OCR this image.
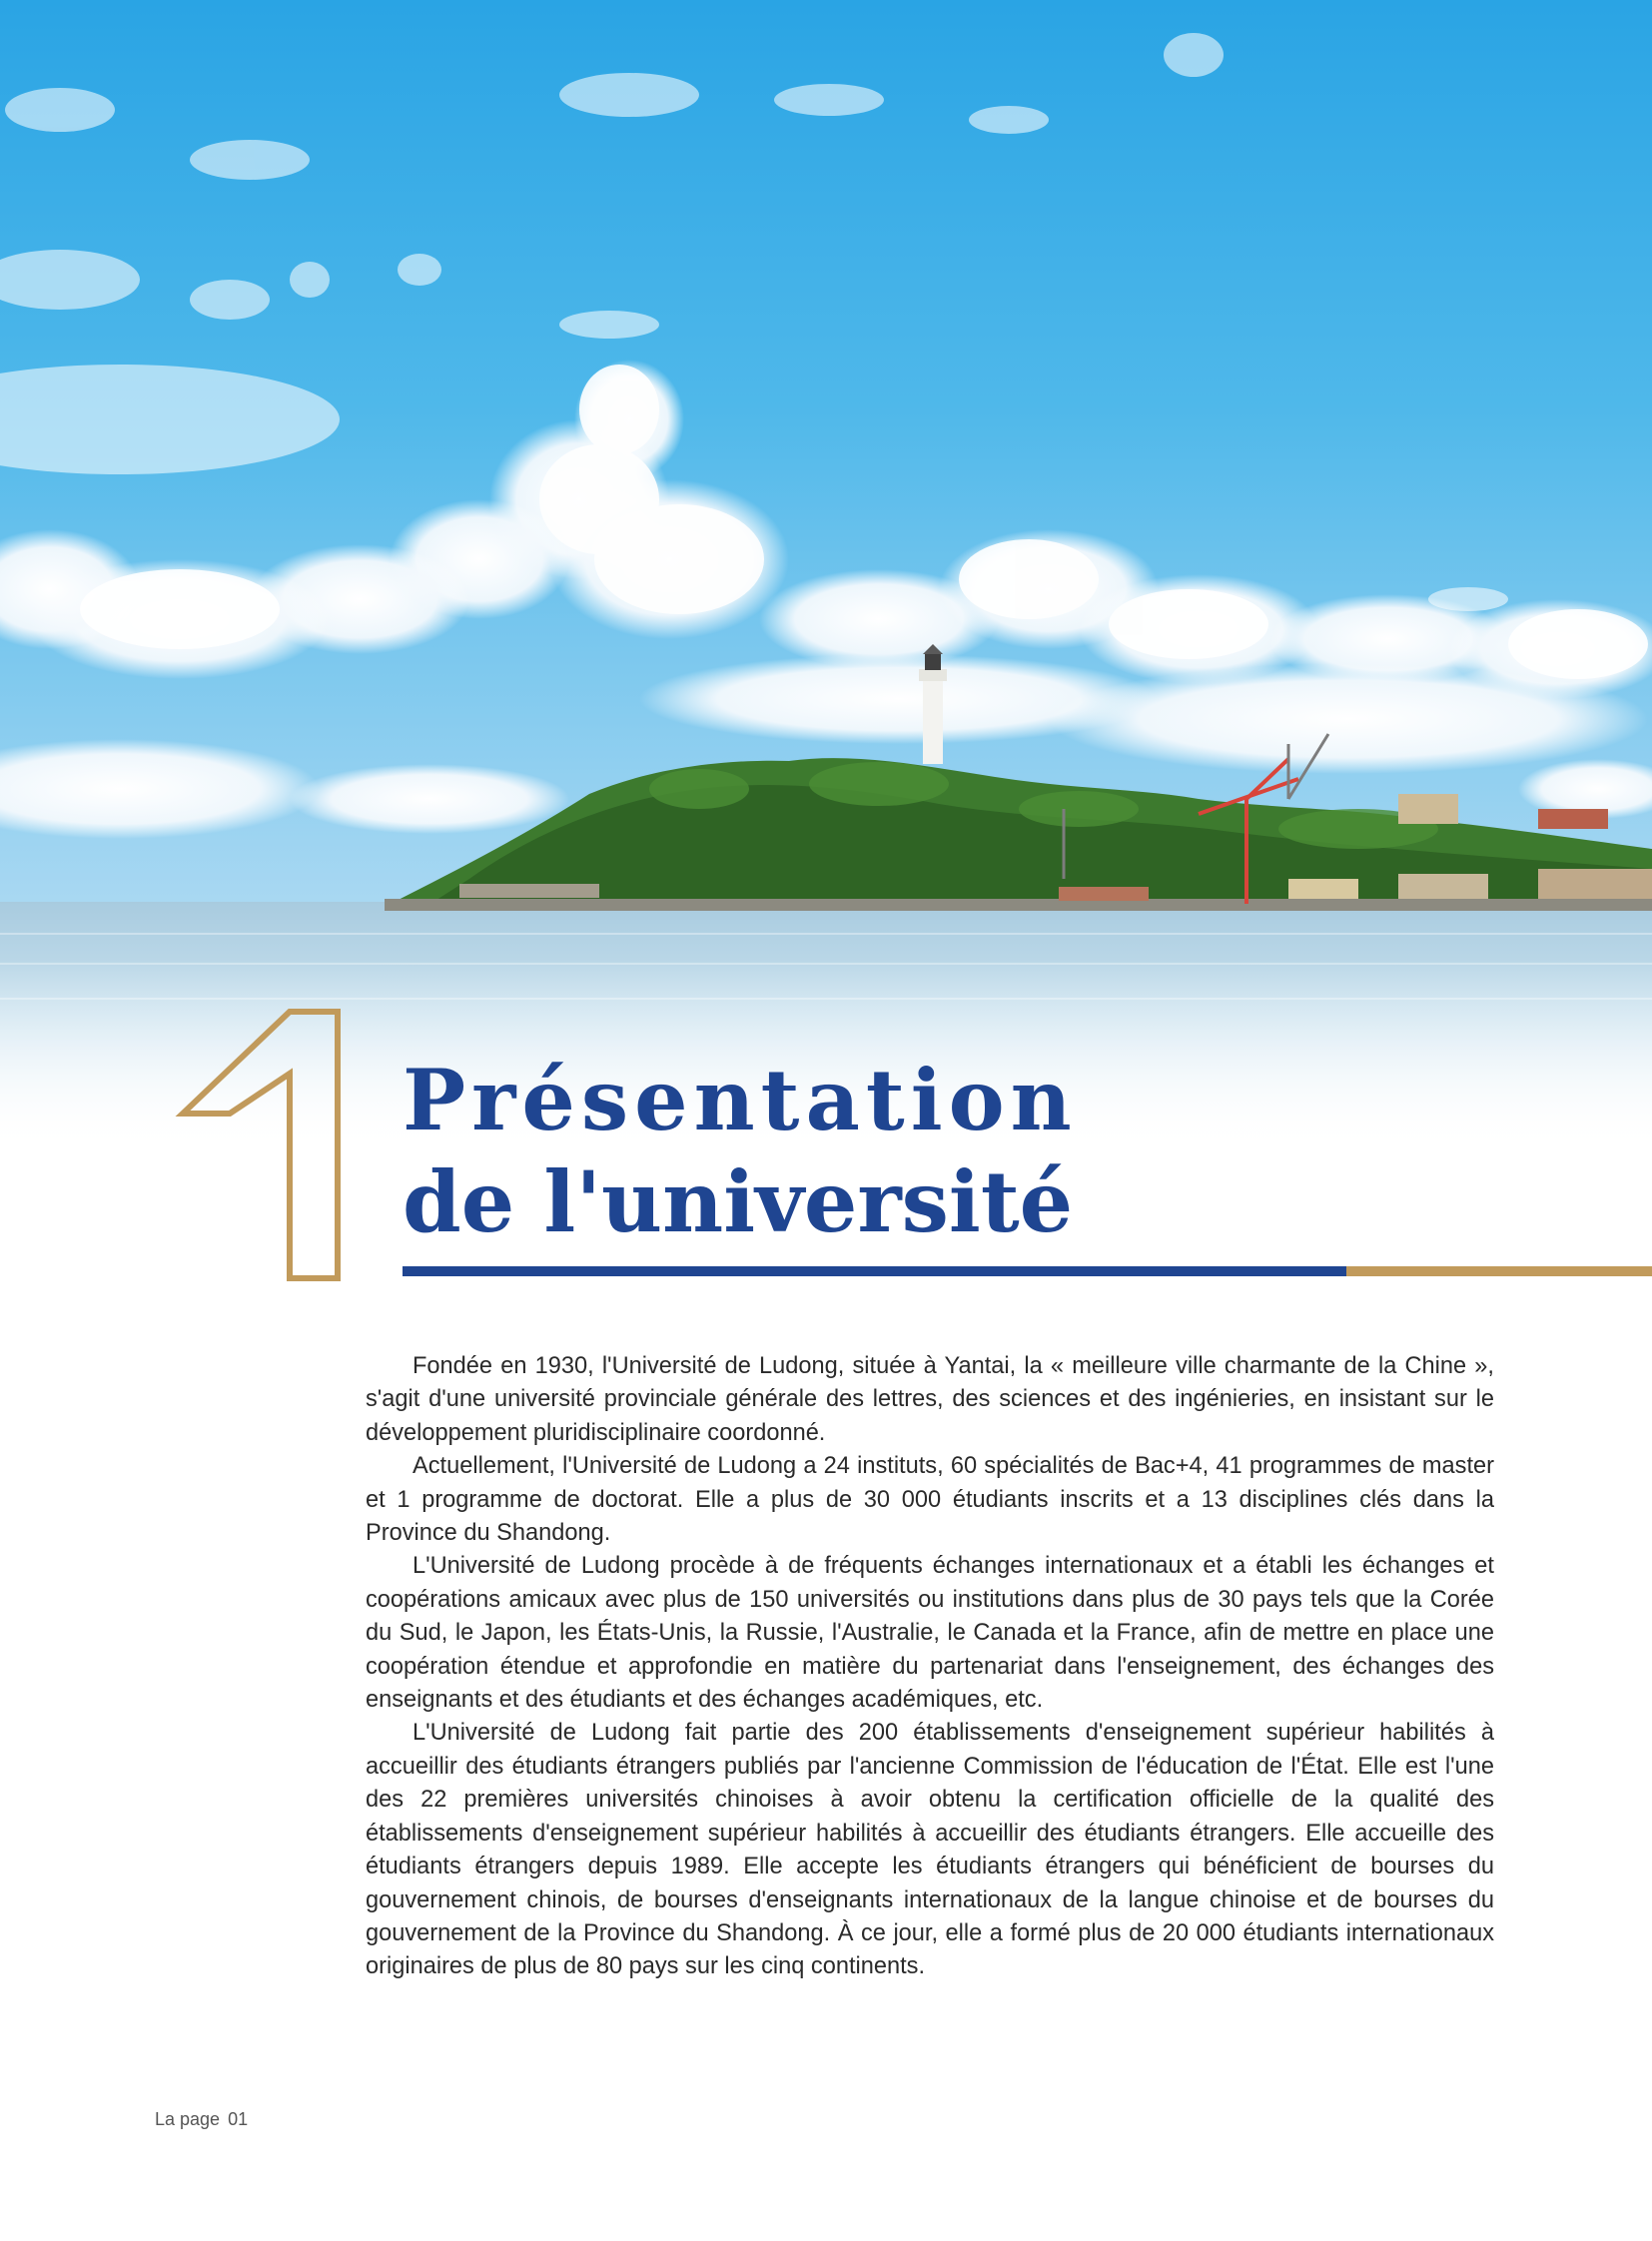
1
Présentation
de l'université

Fondée en 1930, l'Université de Ludong, située à Yantai, la « meilleure ville charmante de la Chine », s'agit d'une université provinciale générale des lettres, des sciences et des ingénieries, en insistant sur le développement pluridisciplinaire coordonné.

Actuellement, l'Université de Ludong a 24 instituts, 60 spécialités de Bac+4, 41 programmes de master et 1 programme de doctorat. Elle a plus de 30 000 étudiants inscrits et a 13 disciplines clés dans la Province du Shandong.

L'Université de Ludong procède à de fréquents échanges internationaux et a établi les échanges et coopérations amicaux avec plus de 150 universités ou institutions dans plus de 30 pays tels que la Corée du Sud, le Japon, les États-Unis, la Russie, l'Australie, le Canada et la France, afin de mettre en place une coopération étendue et approfondie en matière du partenariat dans l'enseignement, des échanges des enseignants et des étudiants et des échanges académiques, etc.

L'Université de Ludong fait partie des 200 établissements d'enseignement supérieur habilités à accueillir des étudiants étrangers publiés par l'ancienne Commission de l'éducation de l'État. Elle est l'une des 22 premières universités chinoises à avoir obtenu la certification officielle de la qualité des établissements d'enseignement supérieur habilités à accueillir des étudiants étrangers. Elle accueille des étudiants étrangers depuis 1989. Elle accepte les étudiants étrangers qui bénéficient de bourses du gouvernement chinois, de bourses d'enseignants internationaux de la langue chinoise et de bourses du gouvernement de la Province du Shandong. À ce jour, elle a formé plus de 20 000 étudiants internationaux originaires de plus de 80 pays sur les cinq continents.

La page 01
